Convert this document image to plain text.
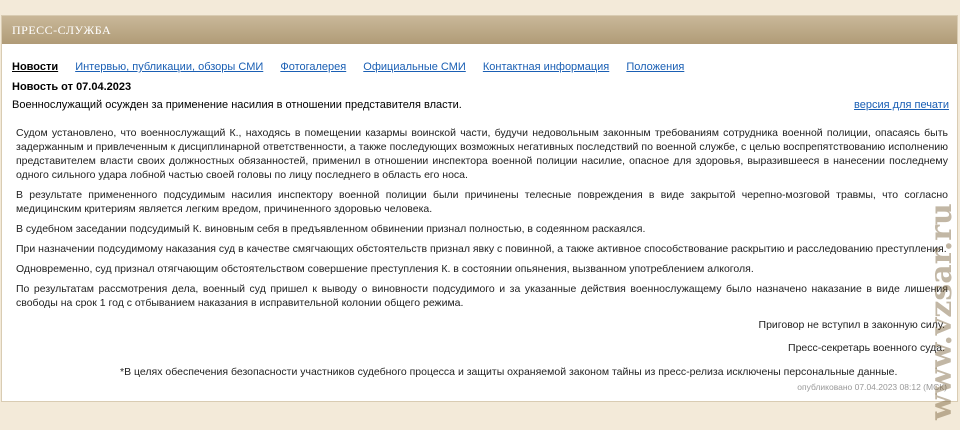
ПРЕСС-СЛУЖБА
Новости Интервью, публикации, обзоры СМИ Фотогалерея Официальные СМИ Контактная информация Положения
Новость от 07.04.2023
Военнослужащий осужден за применение насилия в отношении представителя власти.	версия для печати

Судом установлено, что военнослужащий К., находясь в помещении казармы воинской части, будучи недовольным законным требованиям сотрудника военной полиции, опасаясь быть задержанным и привлеченным к дисциплинарной ответственности, а также последующих возможных негативных последствий по военной службе, с целью воспрепятствованию исполнению представителем власти своих должностных обязанностей, применил в отношении инспектора военной полиции насилие, опасное для здоровья, выразившееся в нанесении последнему одного сильного удара лобной частью своей головы по лицу последнего в область его носа.

В результате примененного подсудимым насилия инспектору военной полиции были причинены телесные повреждения в виде закрытой черепно-мозговой травмы, что согласно медицинским критериям является легким вредом, причиненного здоровью человека.

В судебном заседании подсудимый К. виновным себя в предъявленном обвинении признал полностью, в содеянном раскаялся.

При назначении подсудимому наказания суд в качестве смягчающих обстоятельств признал явку с повинной, а также активное способствование раскрытию и расследованию преступления.

Одновременно, суд признал отягчающим обстоятельством совершение преступления К. в состоянии опьянения, вызванном употреблением алкоголя.

По результатам рассмотрения дела, военный суд пришел к выводу о виновности подсудимого и за указанные действия военнослужащему было назначено наказание в виде лишения свободы на срок 1 год с отбыванием наказания в исправительной колонии общего режима.

Приговор не вступил в законную силу.
Пресс-секретарь военного суда.
*В целях обеспечения безопасности участников судебного процесса и защиты охраняемой законом тайны из пресс-релиза исключены персональные данные.
опубликовано 07.04.2023 08:12 (МСК)
www.vzsar.ru
